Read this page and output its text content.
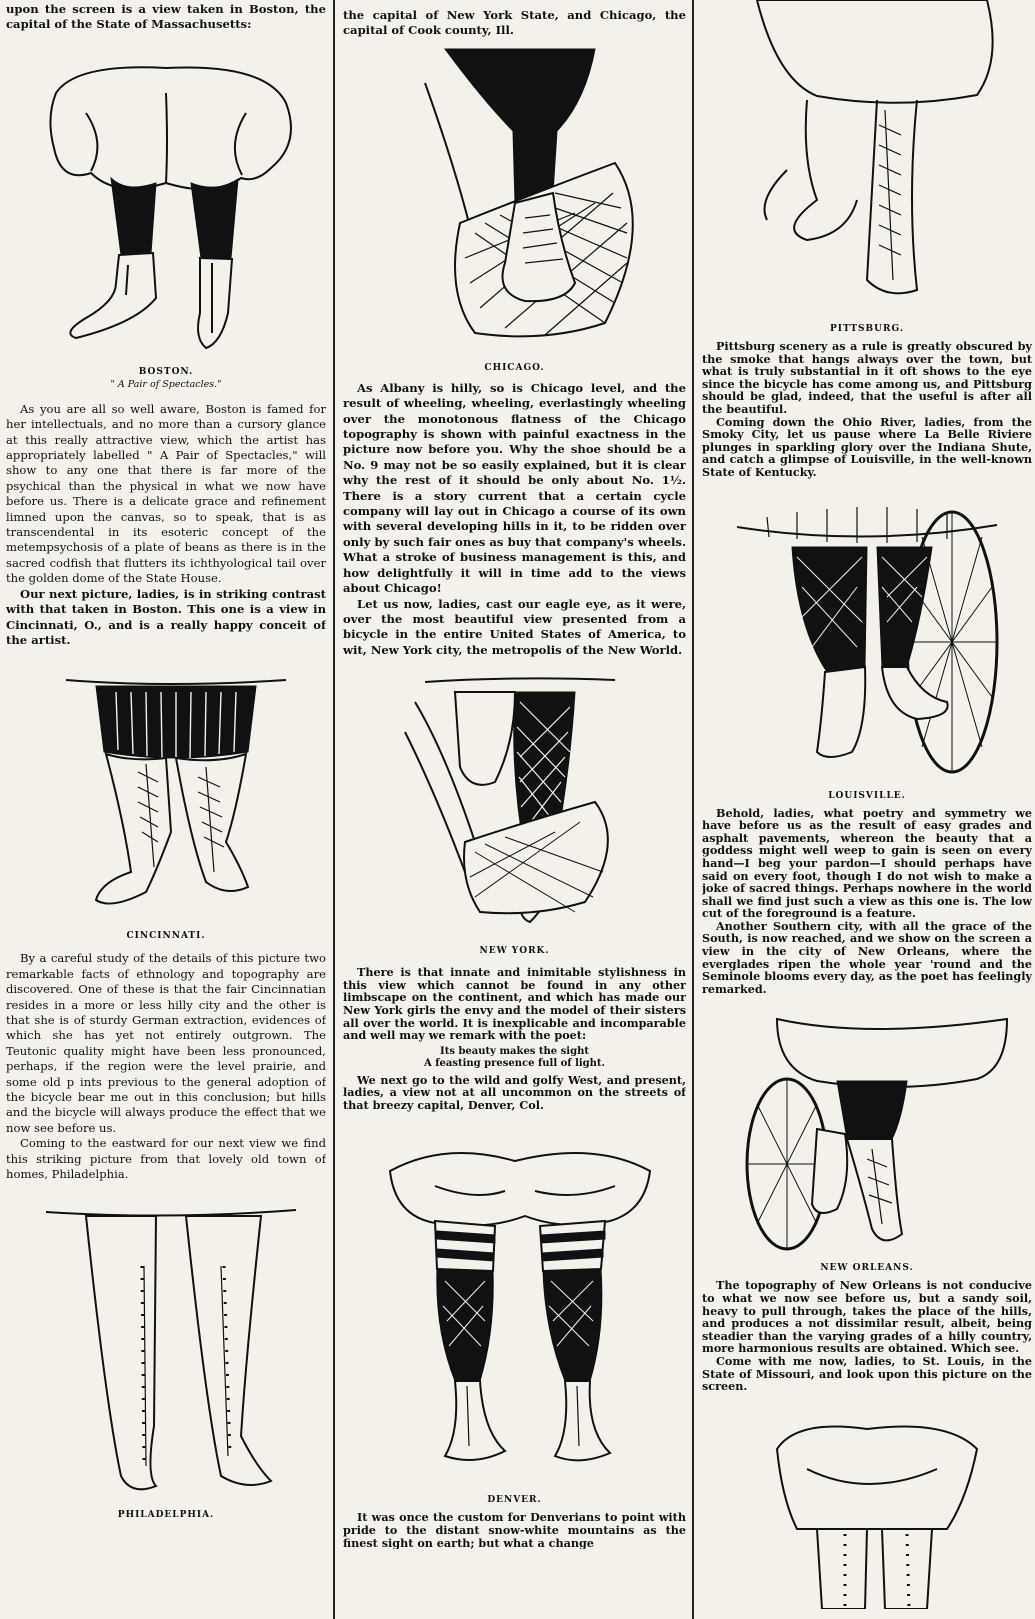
upon the screen is a view taken in Boston, the capital of the State of Massachusetts:

BOSTON.
" A Pair of Spectacles."

As you are all so well aware, Boston is famed for her intellectuals, and no more than a cursory glance at this really attractive view, which the artist has appropriately labelled " A Pair of Spectacles," will show to any one that there is far more of the psychical than the physical in what we now have before us. There is a delicate grace and refinement limned upon the canvas, so to speak, that is as transcendental in its esoteric concept of the metempsychosis of a plate of beans as there is in the sacred codfish that flutters its ichthyological tail over the golden dome of the State House.

Our next picture, ladies, is in striking contrast with that taken in Boston. This one is a view in Cincinnati, O., and is a really happy conceit of the artist.

CINCINNATI.

By a careful study of the details of this picture two remarkable facts of ethnology and topography are discovered. One of these is that the fair Cincinnatian resides in a more or less hilly city and the other is that she is of sturdy German extraction, evidences of which she has yet not entirely outgrown. The Teutonic quality might have been less pronounced, perhaps, if the region were the level prairie, and some old p ints previous to the general adoption of the bicycle bear me out in this conclusion; but hills and the bicycle will always produce the effect that we now see before us.

Coming to the eastward for our next view we find this striking picture from that lovely old town of homes, Philadelphia.

PHILADELPHIA.

the capital of New York State, and Chicago, the capital of Cook county, Ill.

CHICAGO.

As Albany is hilly, so is Chicago level, and the result of wheeling, wheeling, everlastingly wheeling over the monotonous flatness of the Chicago topography is shown with painful exactness in the picture now before you. Why the shoe should be a No. 9 may not be so easily explained, but it is clear why the rest of it should be only about No. 1½. There is a story current that a certain cycle company will lay out in Chicago a course of its own with several developing hills in it, to be ridden over only by such fair ones as buy that company's wheels. What a stroke of business management is this, and how delightfully it will in time add to the views about Chicago!

Let us now, ladies, cast our eagle eye, as it were, over the most beautiful view presented from a bicycle in the entire United States of America, to wit, New York city, the metropolis of the New World.

NEW YORK.

There is that innate and inimitable stylishness in this view which cannot be found in any other limbscape on the continent, and which has made our New York girls the envy and the model of their sisters all over the world. It is inexplicable and incomparable and well may we remark with the poet:

Its beauty makes the sight
A feasting presence full of light.

We next go to the wild and golfy West, and present, ladies, a view not at all uncommon on the streets of that breezy capital, Denver, Col.

DENVER.

It was once the custom for Denverians to point with pride to the distant snow-white mountains as the finest sight on earth; but what a change

PITTSBURG.

Pittsburg scenery as a rule is greatly obscured by the smoke that hangs always over the town, but what is truly substantial in it oft shows to the eye since the bicycle has come among us, and Pittsburg should be glad, indeed, that the useful is after all the beautiful.

Coming down the Ohio River, ladies, from the Smoky City, let us pause where La Belle Riviere plunges in sparkling glory over the Indiana Shute, and catch a glimpse of Louisville, in the well-known State of Kentucky.

LOUISVILLE.

Behold, ladies, what poetry and symmetry we have before us as the result of easy grades and asphalt pavements, whereon the beauty that a goddess might well weep to gain is seen on every hand—I beg your pardon—I should perhaps have said on every foot, though I do not wish to make a joke of sacred things. Perhaps nowhere in the world shall we find just such a view as this one is. The low cut of the foreground is a feature.

Another Southern city, with all the grace of the South, is now reached, and we show on the screen a view in the city of New Orleans, where the everglades ripen the whole year 'round and the Seminole blooms every day, as the poet has feelingly remarked.

NEW ORLEANS.

The topography of New Orleans is not conducive to what we now see before us, but a sandy soil, heavy to pull through, takes the place of the hills, and produces a not dissimilar result, albeit, being steadier than the varying grades of a hilly country, more harmonious results are obtained. Which see.

Come with me now, ladies, to St. Louis, in the State of Missouri, and look upon this picture on the screen.
